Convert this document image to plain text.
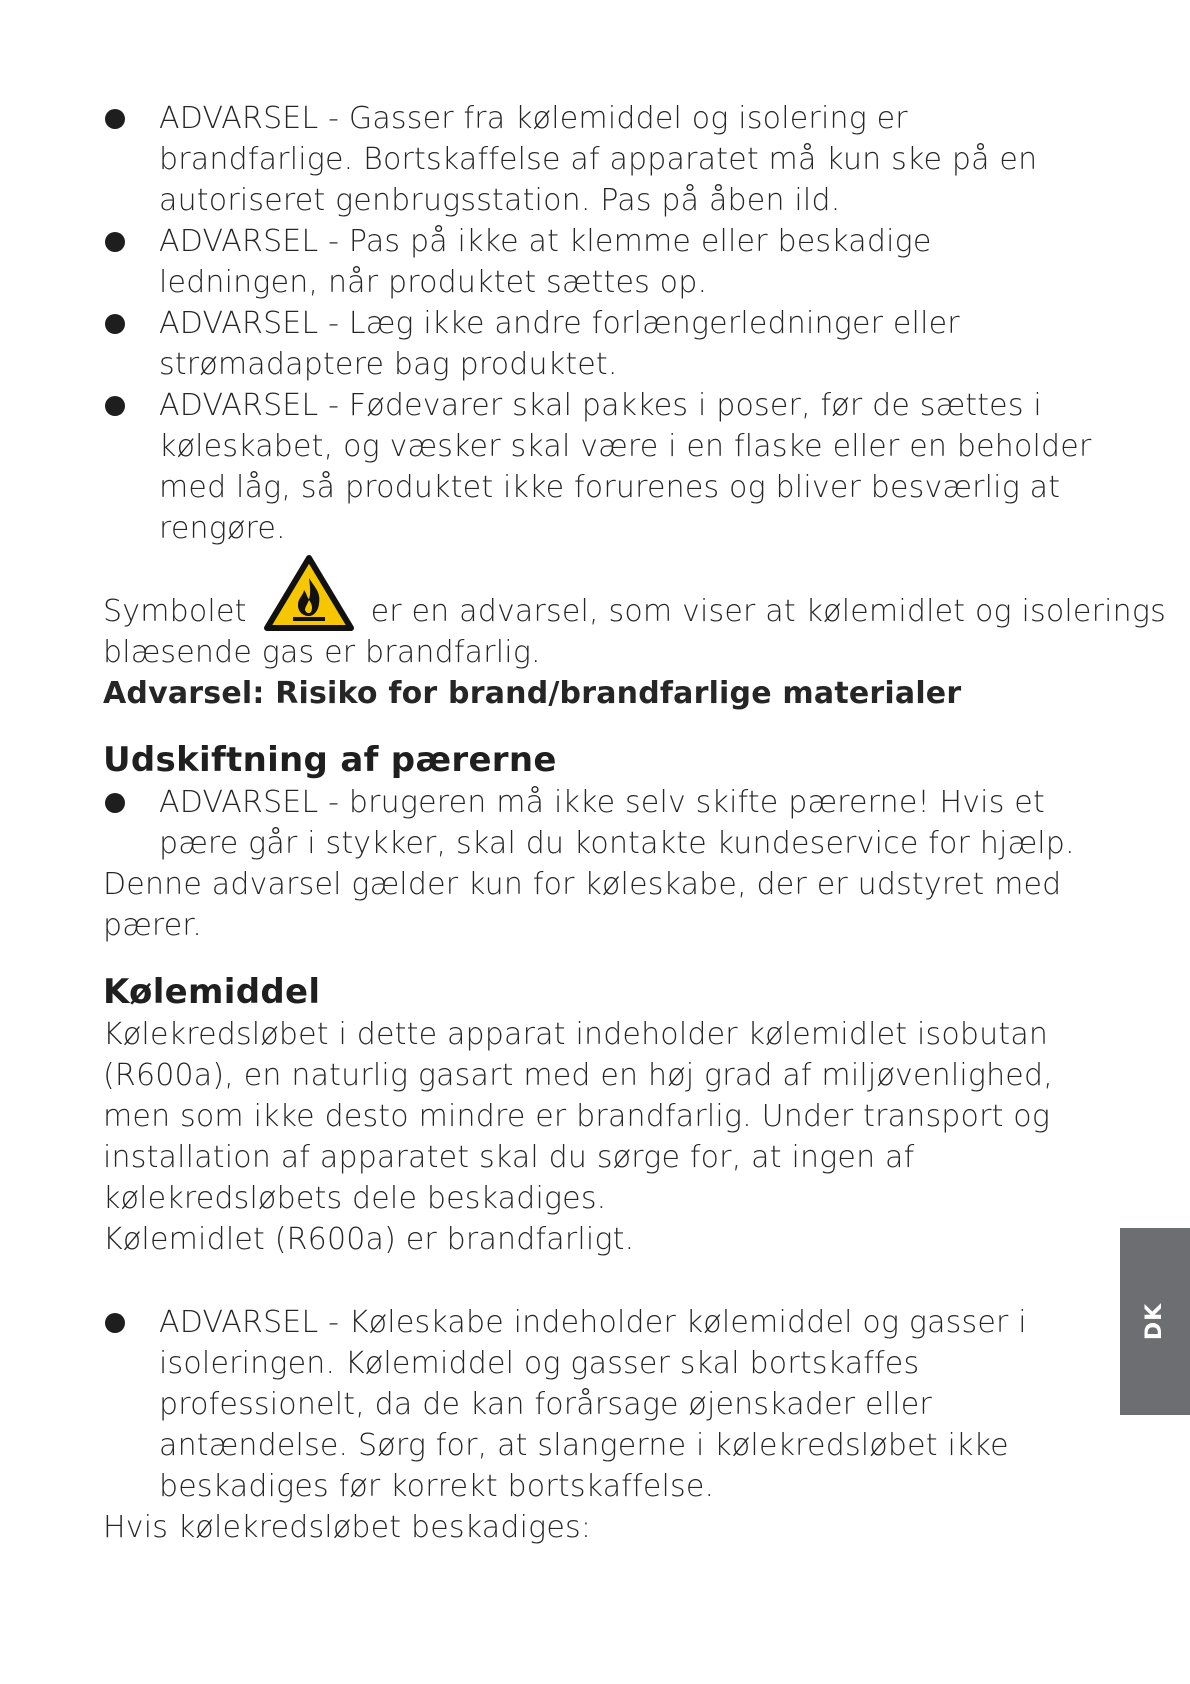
ADVARSEL - Gasser fra kølemiddel og isolering er brandfarlige. Bortskaffelse af apparatet må kun ske på en autoriseret genbrugsstation. Pas på åben ild.
ADVARSEL - Pas på ikke at klemme eller beskadige ledningen, når produktet sættes op.
ADVARSEL - Læg ikke andre forlængerledninger eller strømadaptere bag produktet.
ADVARSEL - Fødevarer skal pakkes i poser, før de sættes i køleskabet, og væsker skal være i en flaske eller en beholder med låg, så produktet ikke forurenes og bliver besværlig at rengøre.
Symbolet	er en advarsel, som viser at kølemidlet og isolerings

blæsende gas er brandfarlig.

Advarsel: Risiko for brand/brandfarlige materialer

Udskiftning af pærerne
ADVARSEL - brugeren må ikke selv skifte pærerne! Hvis et pære går i stykker, skal du kontakte kundeservice for hjælp.

Denne advarsel gælder kun for køleskabe, der er udstyret med pærer.

Kølemiddel

Kølekredsløbet i dette apparat indeholder kølemidlet isobutan (R600a), en naturlig gasart med en høj grad af miljøvenlighed, men som ikke desto mindre er brandfarlig. Under transport og installation af apparatet skal du sørge for, at ingen af kølekredsløbets dele beskadiges.

Kølemidlet (R600a) er brandfarligt.

ADVARSEL - Køleskabe indeholder kølemiddel og gasser i isoleringen. Kølemiddel og gasser skal bortskaffes professionelt, da de kan forårsage øjenskader eller antændelse. Sørg for, at slangerne i kølekredsløbet ikke beskadiges før korrekt bortskaffelse.

Hvis kølekredsløbet beskadiges:

DK
